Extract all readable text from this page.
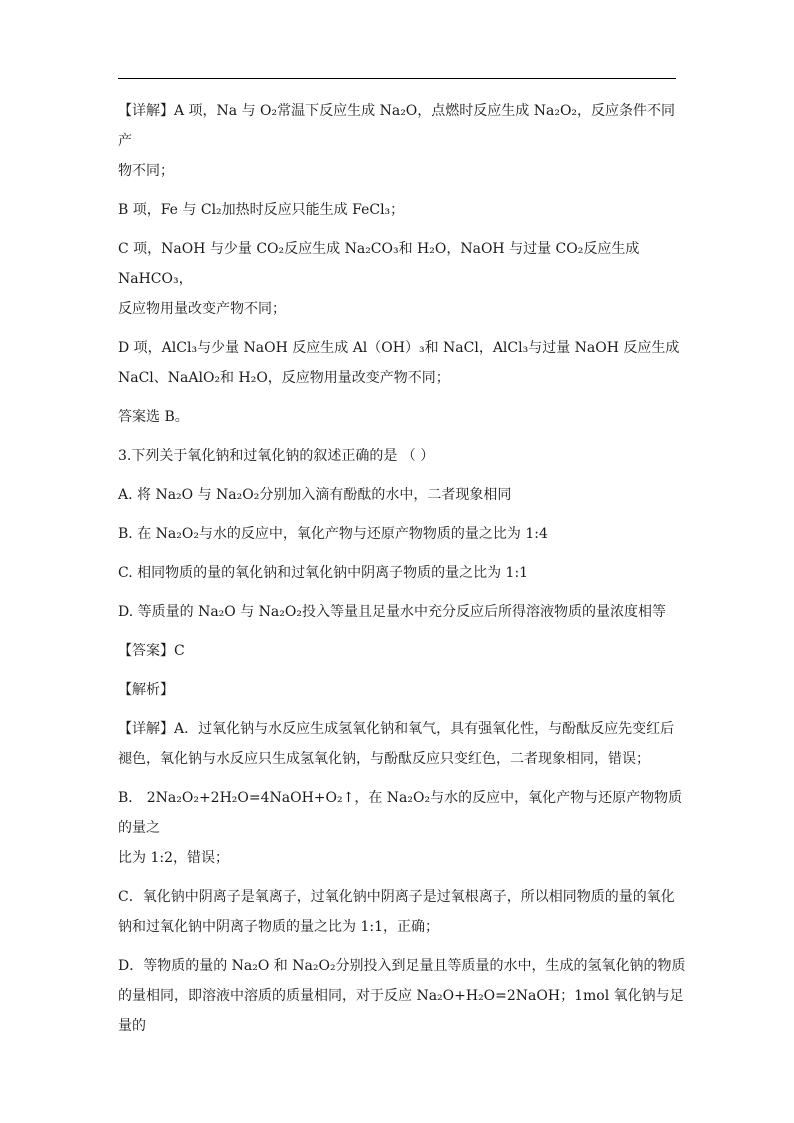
【详解】A 项，Na 与 O₂常温下反应生成 Na₂O，点燃时反应生成 Na₂O₂，反应条件不同产
物不同；

B 项，Fe 与 Cl₂加热时反应只能生成 FeCl₃；

C 项，NaOH 与少量 CO₂反应生成 Na₂CO₃和 H₂O，NaOH 与过量 CO₂反应生成 NaHCO₃，
反应物用量改变产物不同；

D 项，AlCl₃与少量 NaOH 反应生成 Al（OH）₃和 NaCl，AlCl₃与过量 NaOH 反应生成
NaCl、NaAlO₂和 H₂O，反应物用量改变产物不同；

答案选 B。

3.下列关于氧化钠和过氧化钠的叙述正确的是 （ ）

A. 将 Na₂O 与 Na₂O₂分别加入滴有酚酞的水中，二者现象相同

B. 在 Na₂O₂与水的反应中，氧化产物与还原产物物质的量之比为 1:4

C. 相同物质的量的氧化钠和过氧化钠中阴离子物质的量之比为 1:1

D. 等质量的 Na₂O 与 Na₂O₂投入等量且足量水中充分反应后所得溶液物质的量浓度相等

【答案】C

【解析】

【详解】A．过氧化钠与水反应生成氢氧化钠和氧气，具有强氧化性，与酚酞反应先变红后
褪色，氧化钠与水反应只生成氢氧化钠，与酚酞反应只变红色，二者现象相同，错误；

B． 2Na₂O₂+2H₂O=4NaOH+O₂↑，在 Na₂O₂与水的反应中，氧化产物与还原产物物质的量之
比为 1:2，错误；

C．氧化钠中阴离子是氧离子，过氧化钠中阴离子是过氧根离子，所以相同物质的量的氧化
钠和过氧化钠中阴离子物质的量之比为 1:1，正确；

D．等物质的量的 Na₂O 和 Na₂O₂分别投入到足量且等质量的水中，生成的氢氧化钠的物质
的量相同，即溶液中溶质的质量相同，对于反应 Na₂O+H₂O=2NaOH；1mol 氧化钠与足量的
